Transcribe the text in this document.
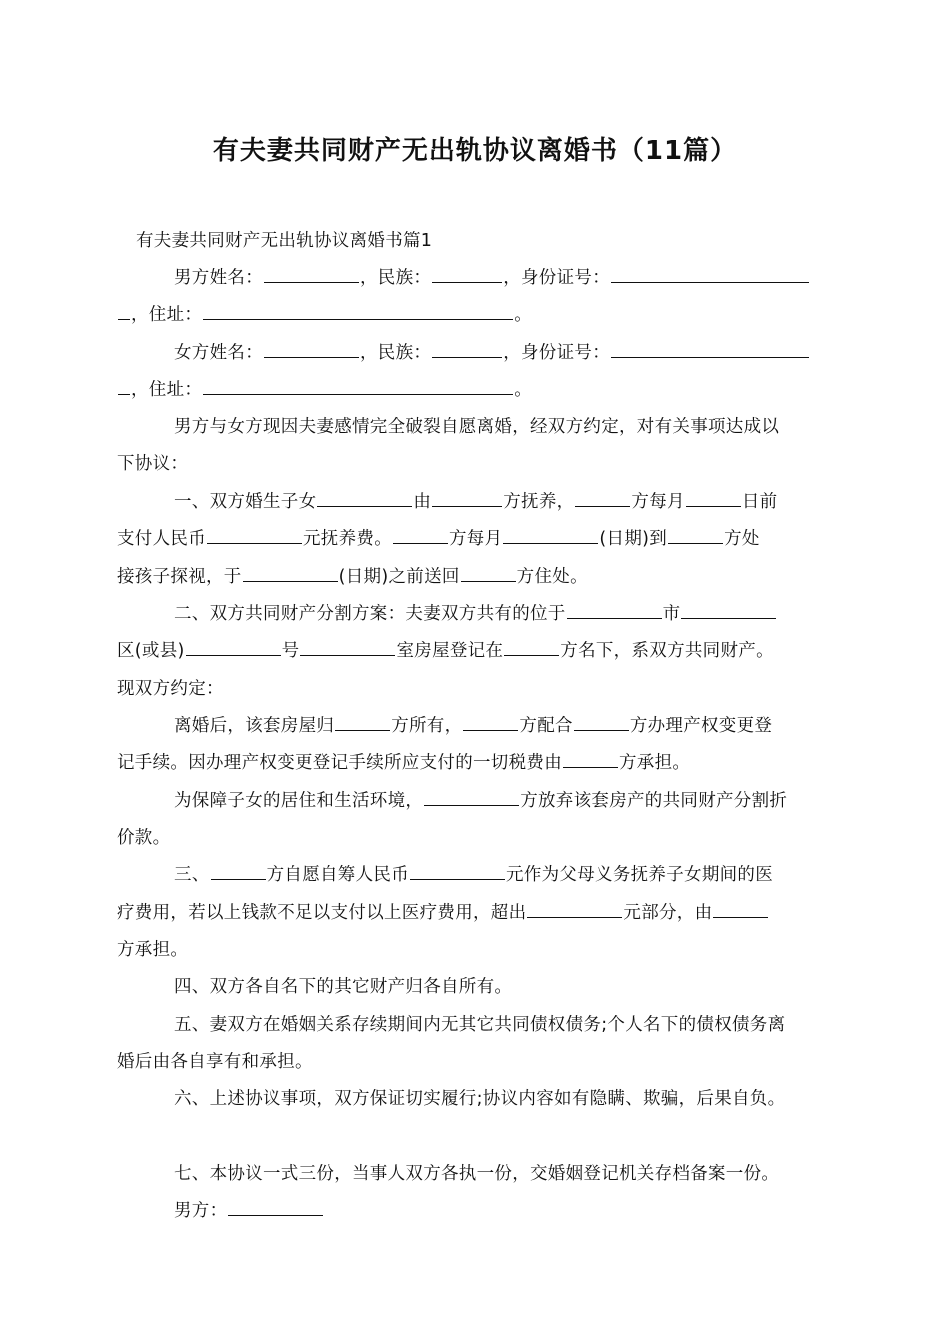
有夫妻共同财产无出轨协议离婚书（11篇）
有夫妻共同财产无出轨协议离婚书篇1
男方姓名：	，民族：	，身份证号：
，住址：	。
女方姓名：	，民族：	，身份证号：
，住址：	。
男方与女方现因夫妻感情完全破裂自愿离婚，经双方约定，对有关事项达成以
下协议：
一、双方婚生子女	由	方抚养，	方每月	日前
支付人民币	元抚养费。	方每月	(日期)到	方处
接孩子探视，于	(日期)之前送回	方住处。
二、双方共同财产分割方案：夫妻双方共有的位于	市
区(或县)	号	室房屋登记在	方名下，系双方共同财产。
现双方约定：
离婚后，该套房屋归	方所有，	方配合	方办理产权变更登
记手续。因办理产权变更登记手续所应支付的一切税费由	方承担。
为保障子女的居住和生活环境，	方放弃该套房产的共同财产分割折
价款。
三、	方自愿自筹人民币	元作为父母义务抚养子女期间的医
疗费用，若以上钱款不足以支付以上医疗费用，超出	元部分，由
方承担。
四、双方各自名下的其它财产归各自所有。
五、妻双方在婚姻关系存续期间内无其它共同债权债务;个人名下的债权债务离
婚后由各自享有和承担。
六、上述协议事项，双方保证切实履行;协议内容如有隐瞒、欺骗，后果自负。
七、本协议一式三份，当事人双方各执一份，交婚姻登记机关存档备案一份。
男方：
